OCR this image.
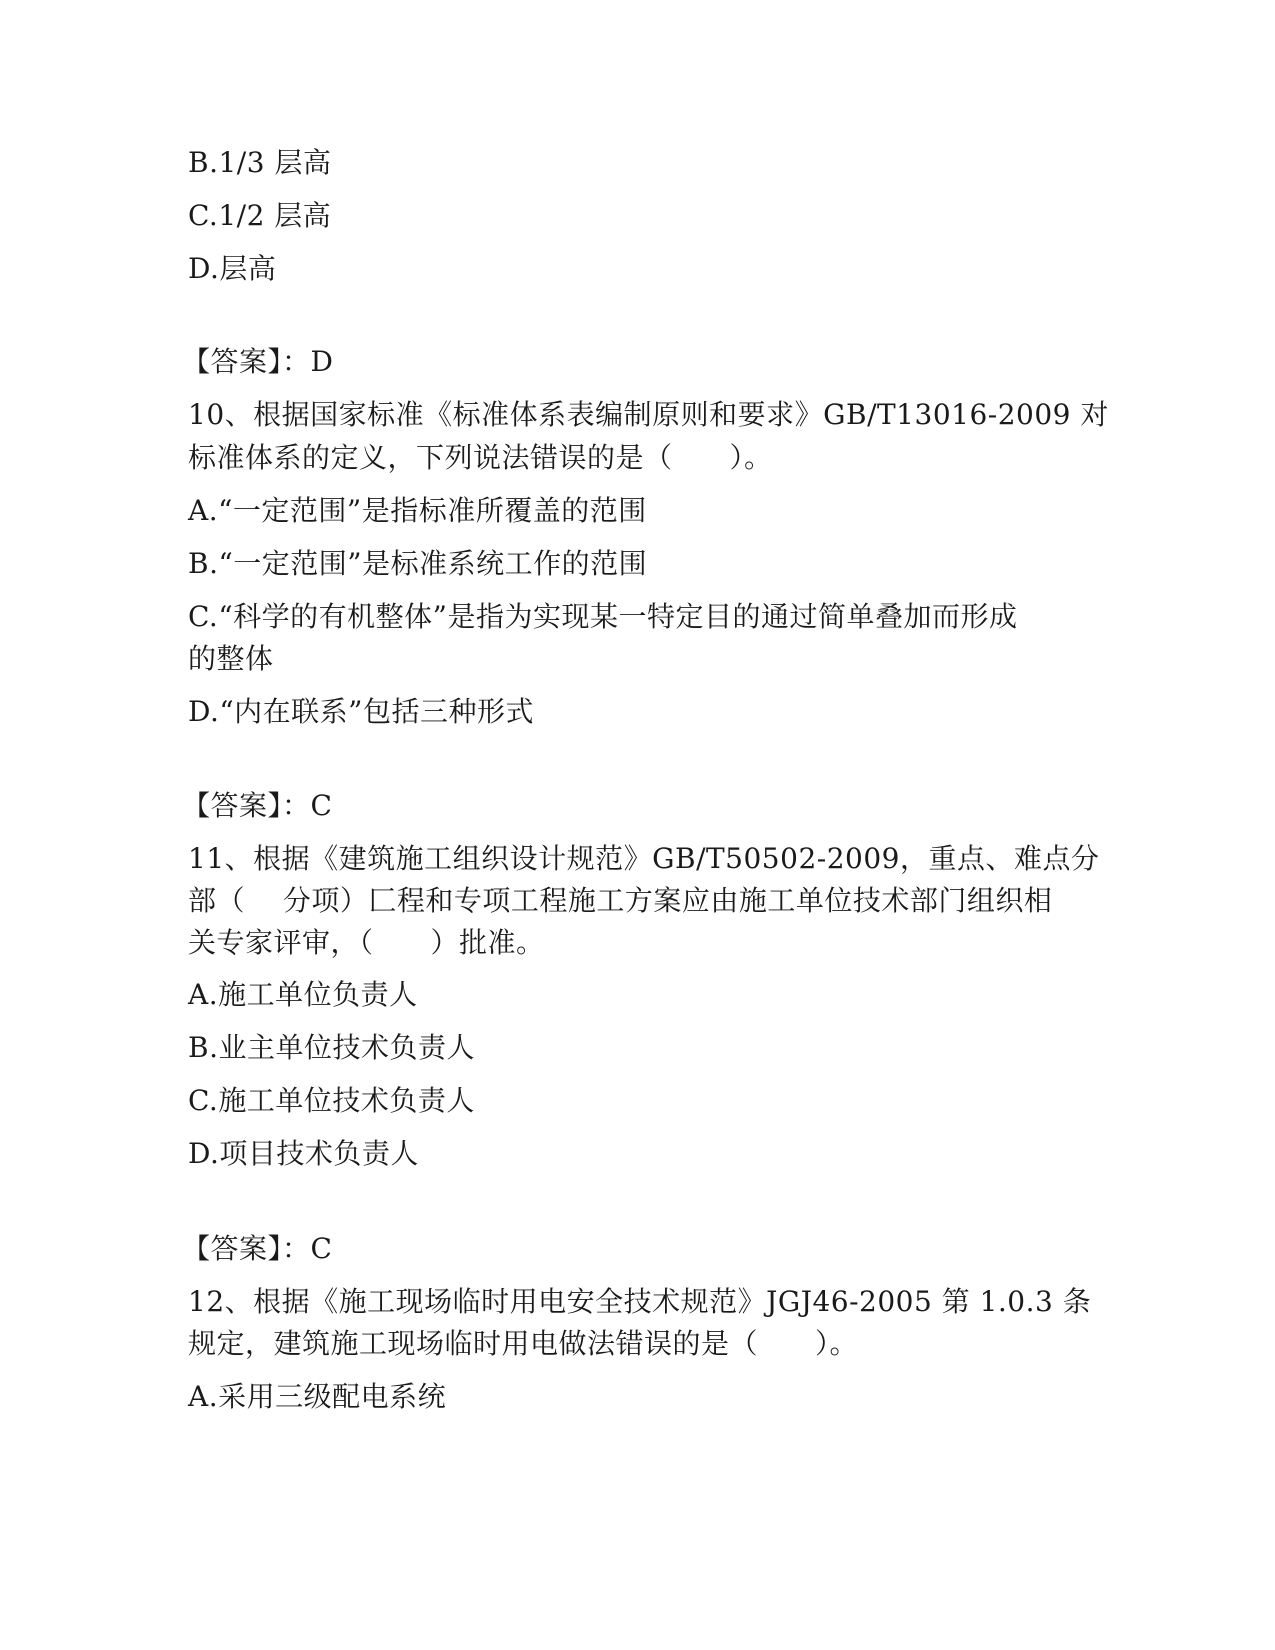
B.1/3 层高
C.1/2 层高
D.层高
【答案】：D
10、根据国家标准《标准体系表编制原则和要求》GB/T13016-2009 对
标准体系的定义，下列说法错误的是（　　）。
A.“一定范围”是指标准所覆盖的范围
B.“一定范围”是标准系统工作的范围
C.“科学的有机整体”是指为实现某一特定目的通过简单叠加而形成
的整体
D.“内在联系”包括三种形式
【答案】：C
11、根据《建筑施工组织设计规范》GB/T50502-2009，重点、难点分
部（　 分项）匚程和专项工程施工方案应由施工单位技术部门组织相
关专家评审，（　　）批准。
A.施工单位负责人
B.业主单位技术负责人
C.施工单位技术负责人
D.项目技术负责人
【答案】：C
12、根据《施工现场临时用电安全技术规范》JGJ46-2005 第 1.0.3 条
规定，建筑施工现场临时用电做法错误的是（　　）。
A.采用三级配电系统
